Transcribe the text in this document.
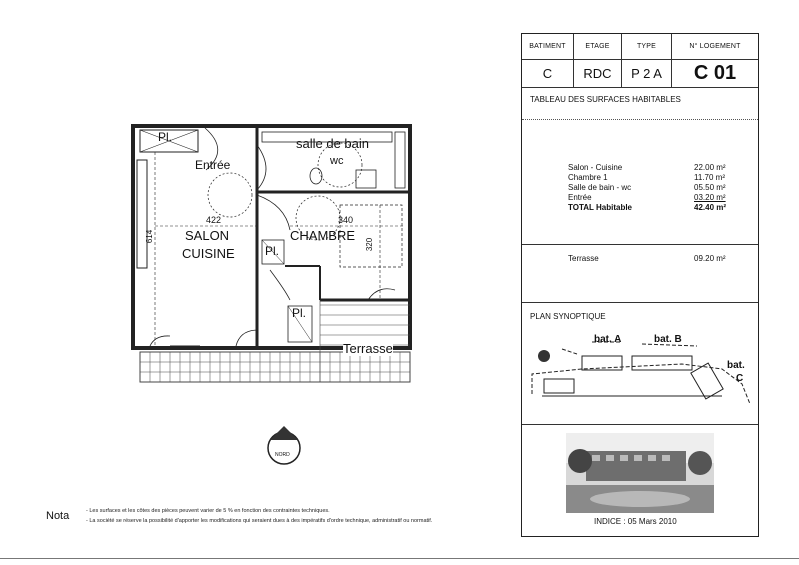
Pl.
Entrée
salle de bain
wc
422	340
614
320
SALON
CUISINE
CHAMBRE
Pl.
Pl.
Terrasse
NORD
BATIMENT	ETAGE	TYPE	N° LOGEMENT
C	RDC	P 2 A	C 01
TABLEAU DES SURFACES HABITABLES
Salon - Cuisine	22.00 m²
Chambre 1	11.70 m²
Salle de bain - wc	05.50 m²
Entrée	03.20 m²
TOTAL Habitable	42.40 m²
Terrasse	09.20 m²
PLAN SYNOPTIQUE
bat. A	bat. B
bat.
C
INDICE : 05 Mars 2010
Nota	- Les surfaces et les côtes des pièces peuvent varier de 5 % en fonction des contraintes techniques.
- La société se réserve la possibilité d'apporter les modifications qui seraient dues à des impératifs d'ordre technique, administratif ou normatif.
